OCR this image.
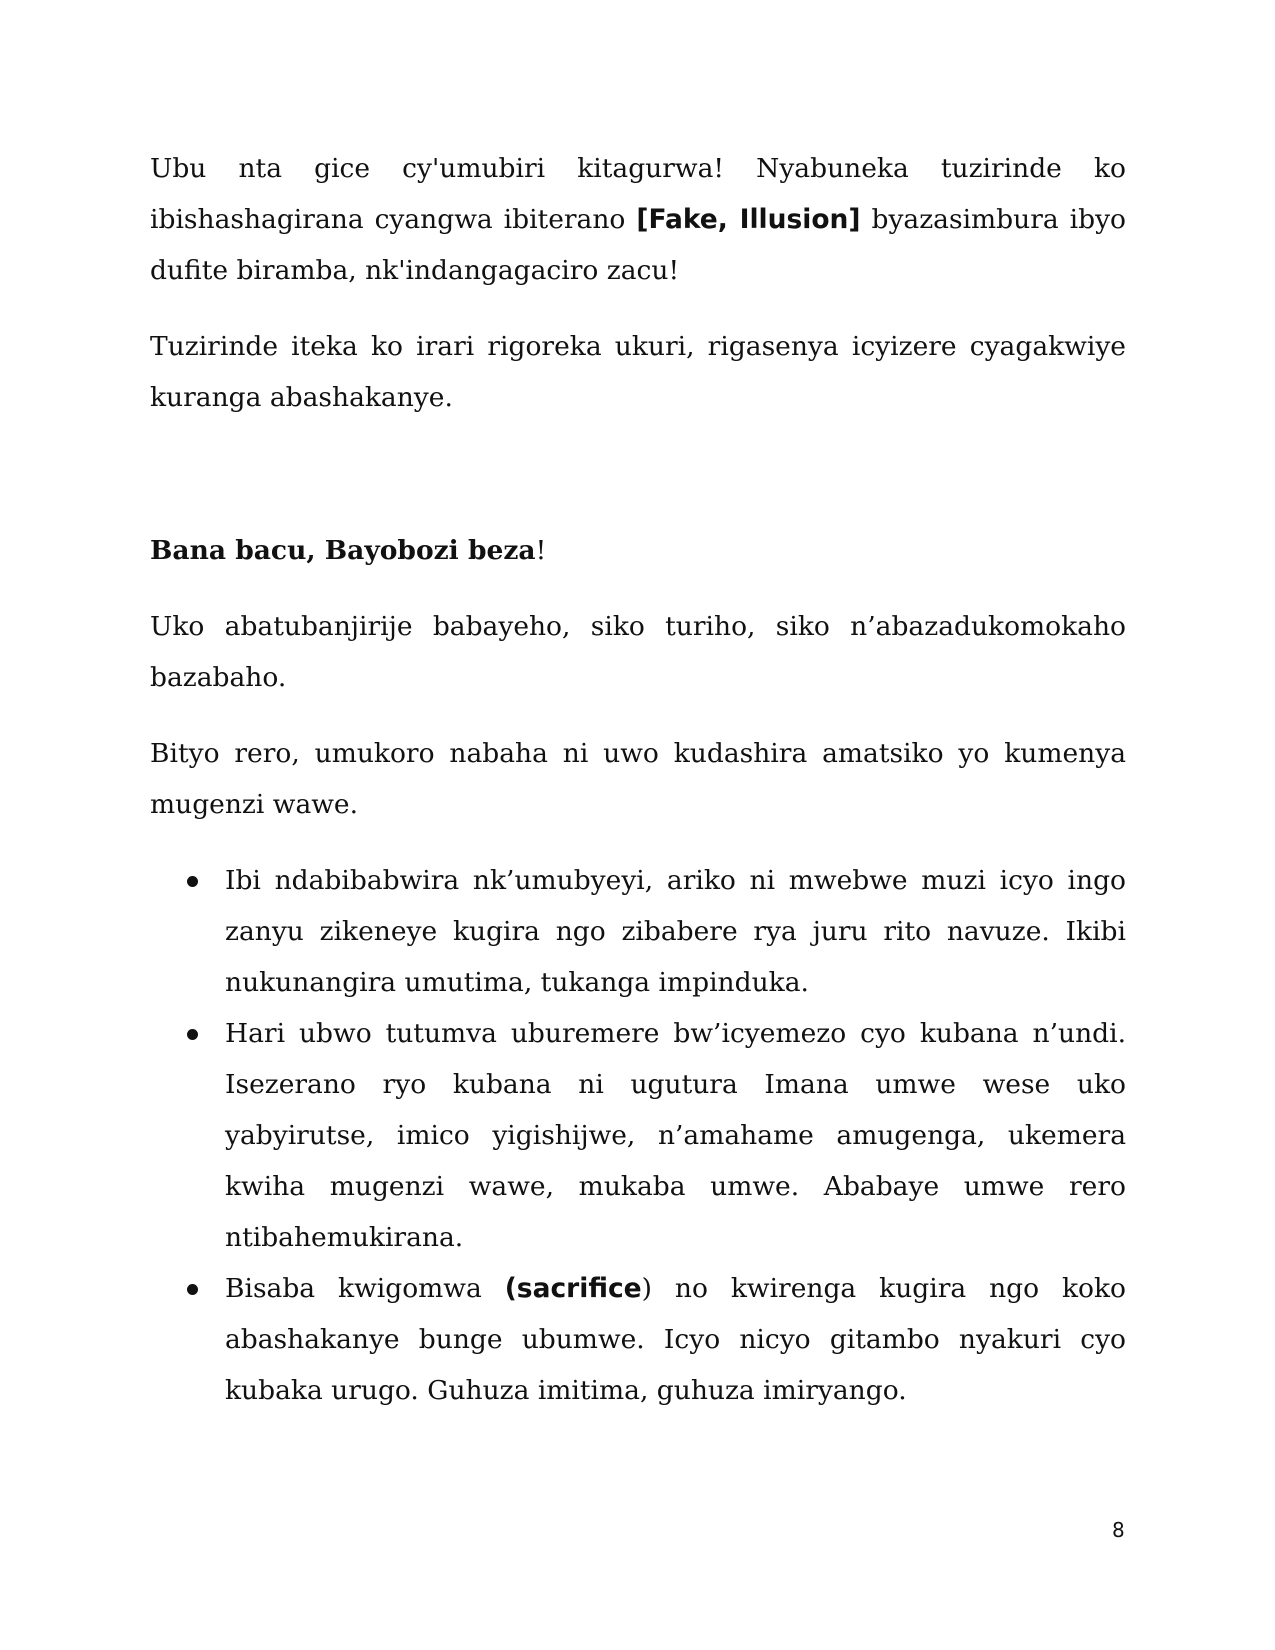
Ubu nta gice cy'umubiri kitagurwa! Nyabuneka tuzirinde ko ibishashagirana cyangwa ibiterano [Fake, Illusion] byazasimbura ibyo dufite biramba, nk'indangagaciro zacu!

Tuzirinde iteka ko irari rigoreka ukuri, rigasenya icyizere cyagakwiye kuranga abashakanye.

Bana bacu, Bayobozi beza!

Uko abatubanjirije babayeho, siko turiho, siko n’abazadukomokaho bazabaho.

Bityo rero, umukoro nabaha ni uwo kudashira amatsiko yo kumenya mugenzi wawe.

Ibi ndabibabwira nk’umubyeyi, ariko ni mwebwe muzi icyo ingo zanyu zikeneye kugira ngo zibabere rya juru rito navuze. Ikibi nukunangira umutima, tukanga impinduka.
Hari ubwo tutumva uburemere bw’icyemezo cyo kubana n’undi. Isezerano ryo kubana ni ugutura Imana umwe wese uko yabyirutse, imico yigishijwe, n’amahame amugenga, ukemera kwiha mugenzi wawe, mukaba umwe. Ababaye umwe rero ntibahemukirana.
Bisaba kwigomwa (sacrifice) no kwirenga kugira ngo koko abashakanye bunge ubumwe. Icyo nicyo gitambo nyakuri cyo kubaka urugo. Guhuza imitima, guhuza imiryango.
8
